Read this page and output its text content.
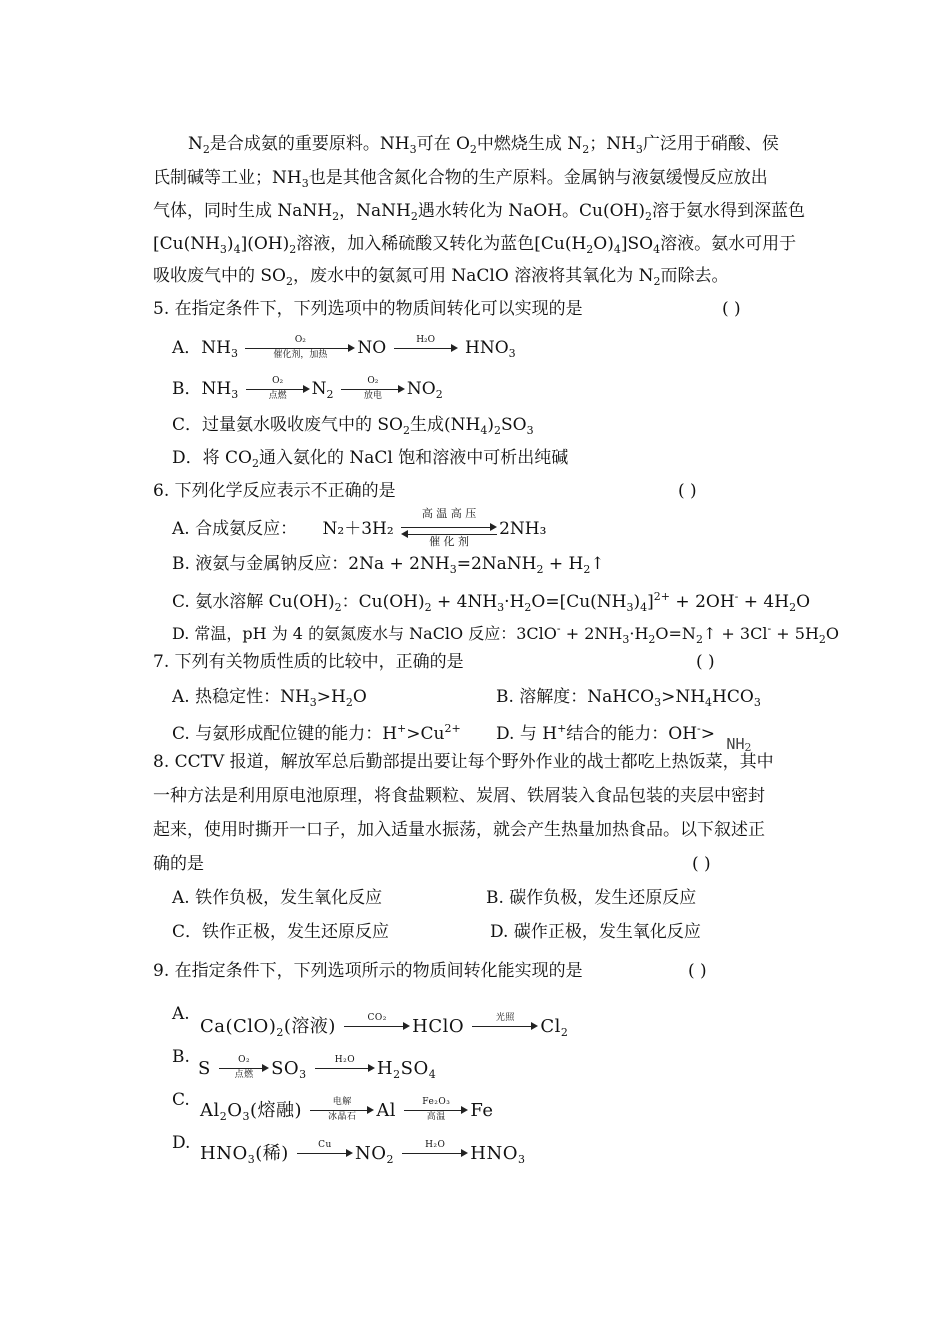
$N_2$是合成氨的重要原料。$NH_3$可在 $O_2$中燃烧生成 $N_2$；$NH_3$广泛用于硝酸、侯
氏制碱等工业；$NH_3$也是其他含氮化合物的生产原料。金属钠与液氨缓慢反应放出
气体，同时生成 NaNH$_2$，NaNH$_2$遇水转化为 NaOH。$Cu(OH)_2$溶于氨水得到深蓝色
$[Cu(NH_3)_4](OH)_2$溶液，加入稀硫酸又转化为蓝色$[Cu(H_2O)_4]SO_4$溶液。氨水可用于
吸收废气中的 $SO_2$，废水中的氨氮可用 NaClO 溶液将其氧化为 $N_2$而除去。
5. 在指定条件下，下列选项中的物质间转化可以实现的是	( )
A．$NH_3$
O₂
催化剂，加热	NO	H₂O	$HNO_3$
B．$NH_3$
O₂
点燃	$N_2$
O₂
放电	$NO_2$
C．过量氨水吸收废气中的 $SO_2$生成$(NH_4)_2SO_3$
D．将 $CO_2$通入氨化的 NaCl 饱和溶液中可析出纯碱
6. 下列化学反应表示不正确的是	( )
A. 合成氨反应： N₂＋3H₂
高 温 高 压
催 化 剂
2NH₃
B. 液氨与金属钠反应：$2Na + 2NH_3=2NaNH_2$ + $H_2↑$
C. 氨水溶解 $Cu(OH)_2$：$Cu(OH)_2 + 4NH_3\cdot H_2O=[Cu(NH_3)_4]^{2+} + 2OH^- + 4H_2O$
D. 常温，pH 为 4 的氨氮废水与 NaClO 反应：$3ClO^- + 2NH_3\cdot H_2O=N_2↑ + 3Cl^- + 5H_2O$
7. 下列有关物质性质的比较中，正确的是	( )
A. 热稳定性：$NH_3>H_2O$	B. 溶解度：$NaHCO_3>NH_4HCO_3$
C. 与氨形成配位键的能力：$H^+>Cu^{2+}$ D. 与 H+结合的能力：$OH^-> NH_2$
8. CCTV 报道，解放军总后勤部提出要让每个野外作业的战士都吃上热饭菜，其中
一种方法是利用原电池原理，将食盐颗粒、炭屑、铁屑装入食品包装的夹层中密封
起来，使用时撕开一口子，加入适量水振荡，就会产生热量加热食品。以下叙述正
确的是	( )
A. 铁作负极，发生氧化反应	B. 碳作负极，发生还原反应
C．铁作正极，发生还原反应	D. 碳作正极，发生氧化反应
9. 在指定条件下，下列选项所示的物质间转化能实现的是	( )
A.
$Ca(ClO)_2$(溶液)	CO₂	HClO	光照	$Cl_2$
B.
S	O₂
点燃 $SO_3$
H₂O	$H_2SO_4$
C. $Al_2O_3$(熔融)	电解
冰晶石	Al	Fe₂O₃
高温	Fe
D. $HNO_3$(稀)	Cu	$NO_2$
H₂O	$HNO_3$
